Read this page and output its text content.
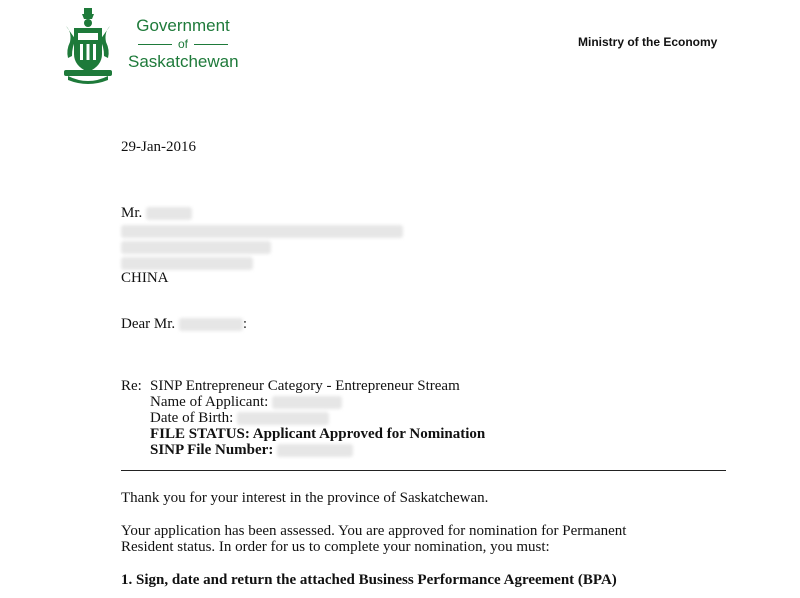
Government
of
Saskatchewan
Ministry of the Economy
29-Jan-2016
Mr.
CHINA
Dear Mr.	:
Re: SINP Entrepreneur Category - Entrepreneur Stream
Name of Applicant:
Date of Birth:
FILE STATUS: Applicant Approved for Nomination
SINP File Number:
Thank you for your interest in the province of Saskatchewan.
Your application has been assessed. You are approved for nomination for Permanent
Resident status. In order for us to complete your nomination, you must:
1. Sign, date and return the attached Business Performance Agreement (BPA)
